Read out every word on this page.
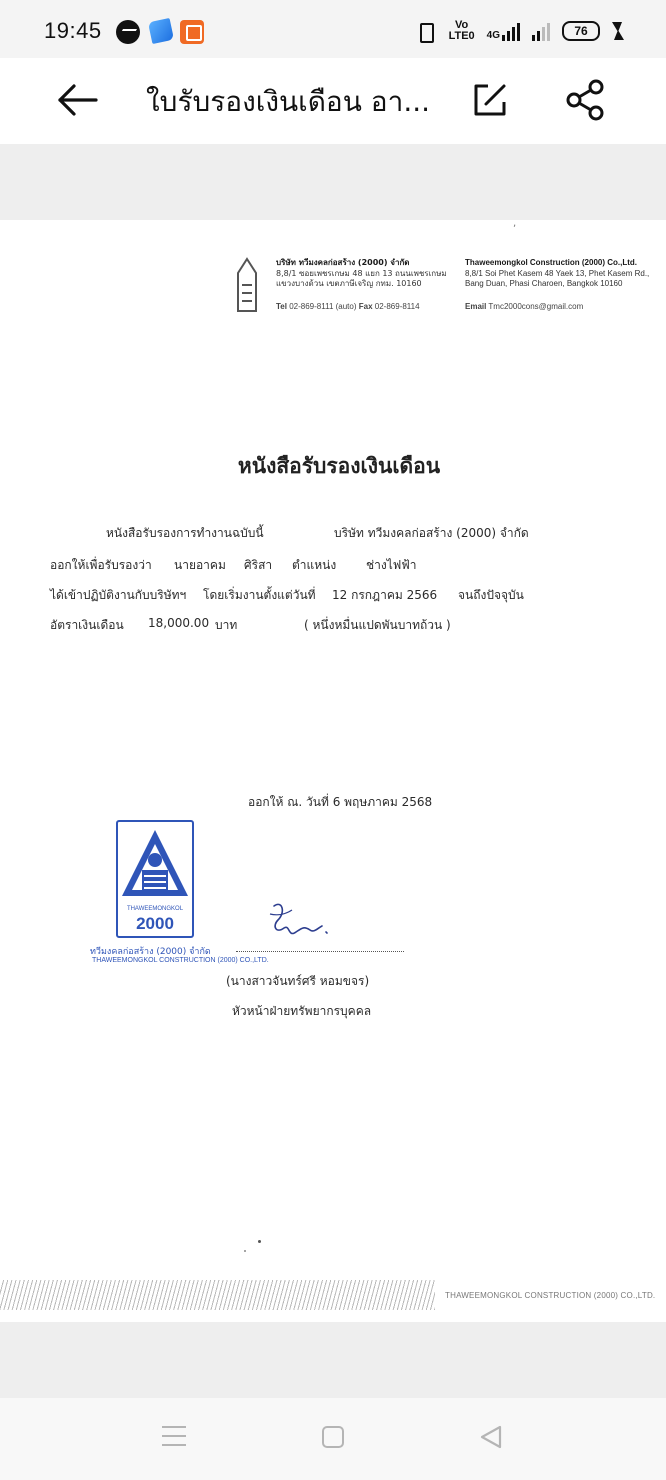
19:45	Vo
LTE0 4G	76
ใบรับรองเงินเดือน อา...
,
บริษัท ทวีมงคลก่อสร้าง (2000) จำกัด
8,8/1 ซอยเพชรเกษม 48 แยก 13 ถนนเพชรเกษม
แขวงบางด้วน เขตภาษีเจริญ กทม. 10160
Thaweemongkol Construction (2000) Co.,Ltd.
8,8/1 Soi Phet Kasem 48 Yaek 13, Phet Kasem Rd.,
Bang Duan, Phasi Charoen, Bangkok 10160
Tel 02-869-8111 (auto) Fax 02-869-8114	Email Tmc2000cons@gmail.com
หนังสือรับรองเงินเดือน
หนังสือรับรองการทำงานฉบับนี้	บริษัท ทวีมงคลก่อสร้าง (2000) จำกัด
ออกให้เพื่อรับรองว่า นายอาคม ศิริสา ตำแหน่ง ช่างไฟฟ้า
ได้เข้าปฏิบัติงานกับบริษัทฯ โดยเริ่มงานตั้งแต่วันที่ 12 กรกฎาคม 2566 จนถึงปัจจุบัน
อัตราเงินเดือน 18,000.00 บาท	( หนึ่งหมื่นแปดพันบาทถ้วน )
ออกให้ ณ. วันที่ 6 พฤษภาคม 2568
THAWEEMONGKOL
2000
ทวีมงคลก่อสร้าง (2000) จำกัด
THAWEEMONGKOL CONSTRUCTION (2000) CO.,LTD.
(นางสาวจันทร์ศรี หอมขจร)
หัวหน้าฝ่ายทรัพยากรบุคคล
THAWEEMONGKOL CONSTRUCTION (2000) CO.,LTD.
